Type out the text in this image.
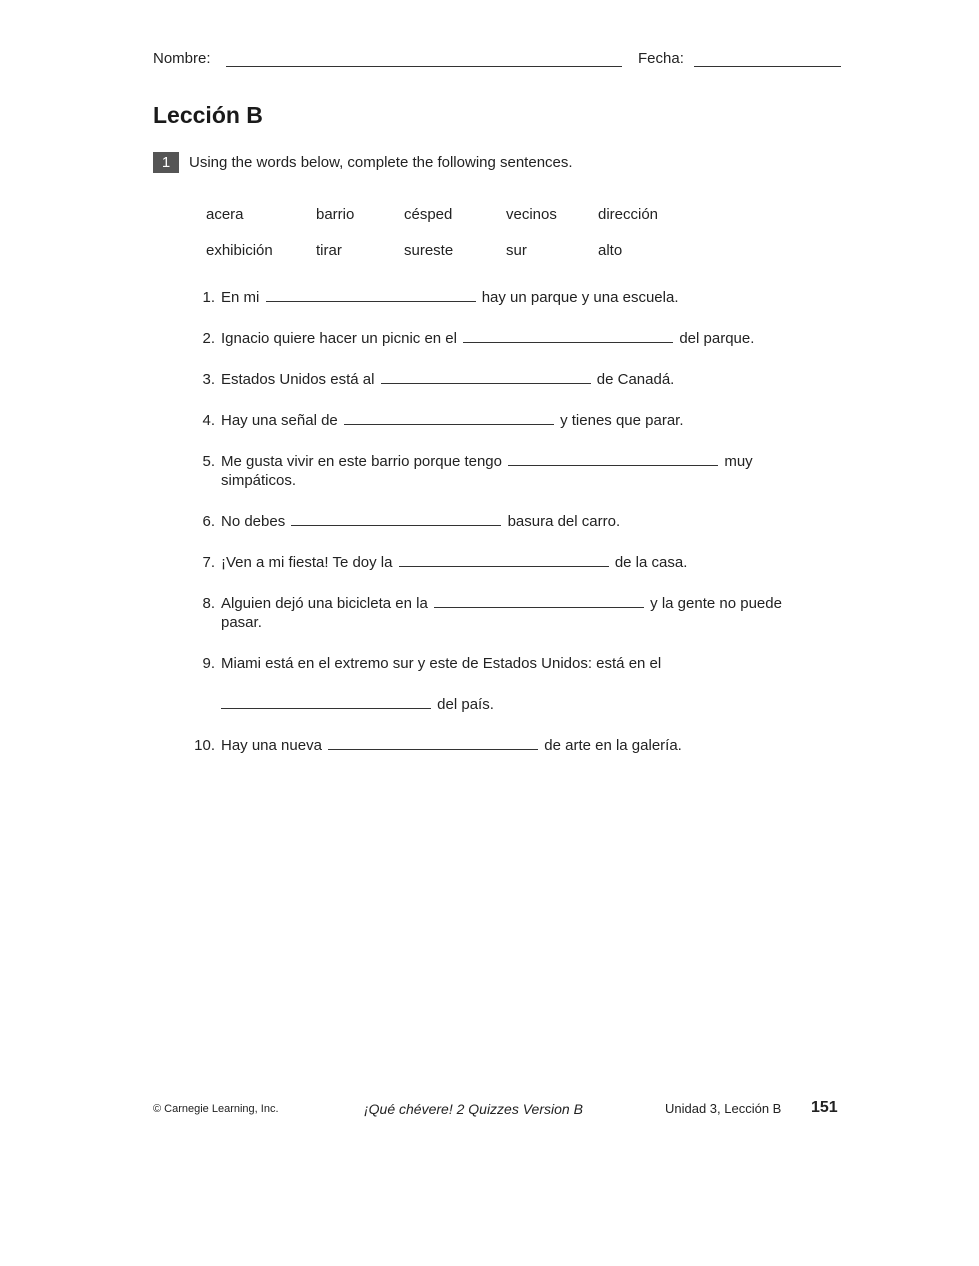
Nombre:	Fecha:
Lección B
1	Using the words below, complete the following sentences.
acera	barrio	césped	vecinos	dirección
exhibición	tirar	sureste	sur	alto
1. En mi	hay un parque y una escuela.
2. Ignacio quiere hacer un picnic en el	del parque.
3. Estados Unidos está al	de Canadá.
4. Hay una señal de	y tienes que parar.
5. Me gusta vivir en este barrio porque tengo	muy simpáticos.
6. No debes	basura del carro.
7. ¡Ven a mi fiesta! Te doy la	de la casa.
8. Alguien dejó una bicicleta en la	y la gente no puede pasar.
9. Miami está en el extremo sur y este de Estados Unidos: está en el
del país.
10. Hay una nueva	de arte en la galería.
© Carnegie Learning, Inc.	¡Qué chévere! 2 Quizzes Version B	Unidad 3, Lección B 151
